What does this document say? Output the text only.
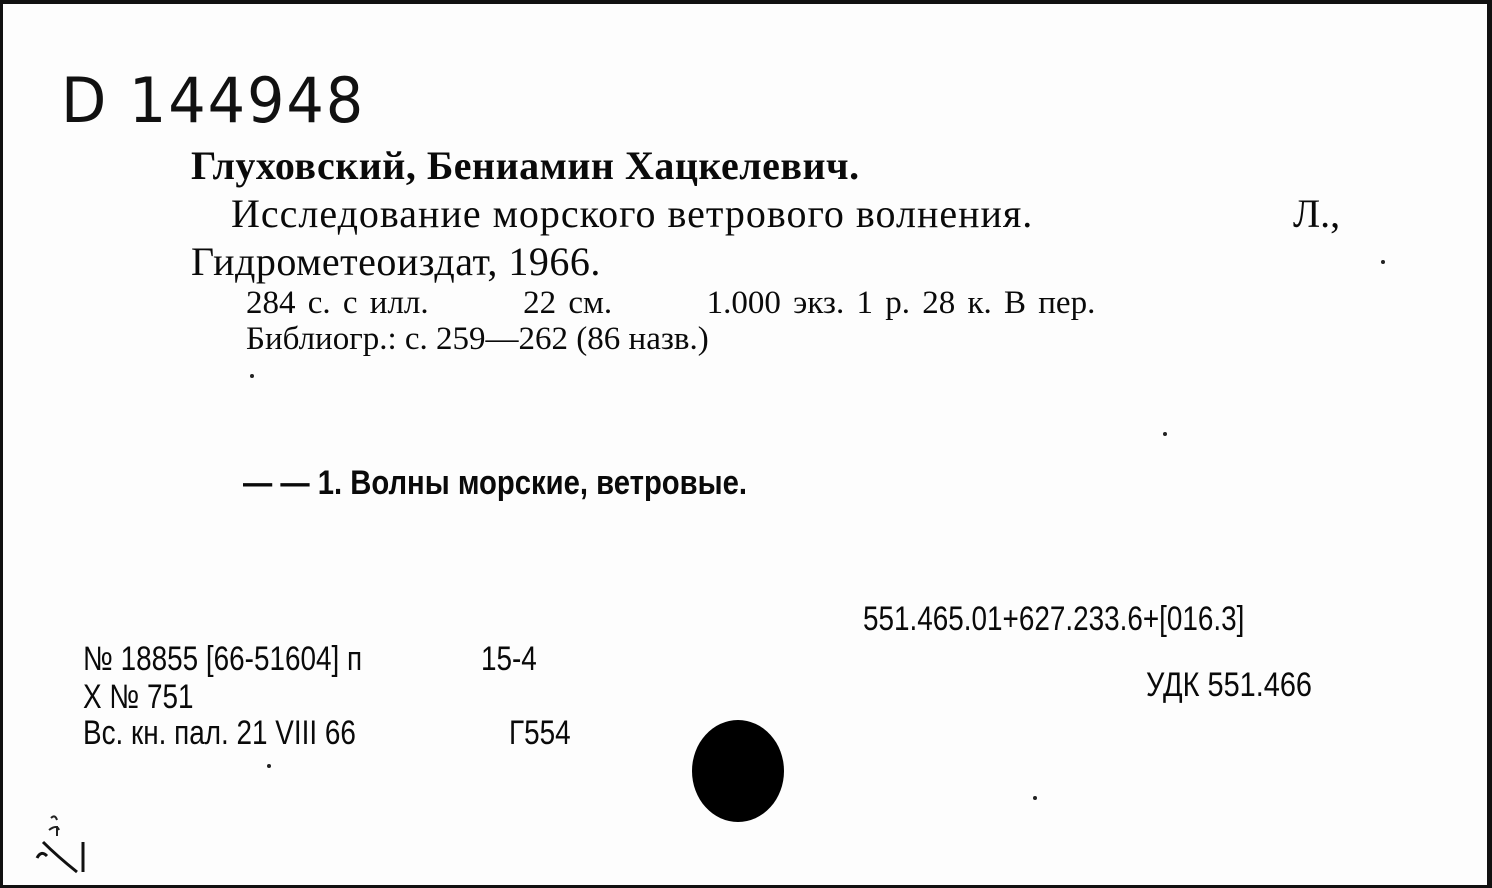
D 144948
Глуховский, Бениамин Хацкелевич.
Исследование морского ветрового волнения.	Л.,
Гидрометеоиздат, 1966.
284 с. с илл.	22 см.	1.000 экз. 1 р. 28 к. В пер.
Библиогр.: с. 259—262 (86 назв.)
— — 1. Волны морские, ветровые.
551.465.01+627.233.6+[016.3]
УДК 551.466
№ 18855 [66-51604] п	15-4
Х № 751
Вс. кн. пал. 21 VIII 66	Г554
